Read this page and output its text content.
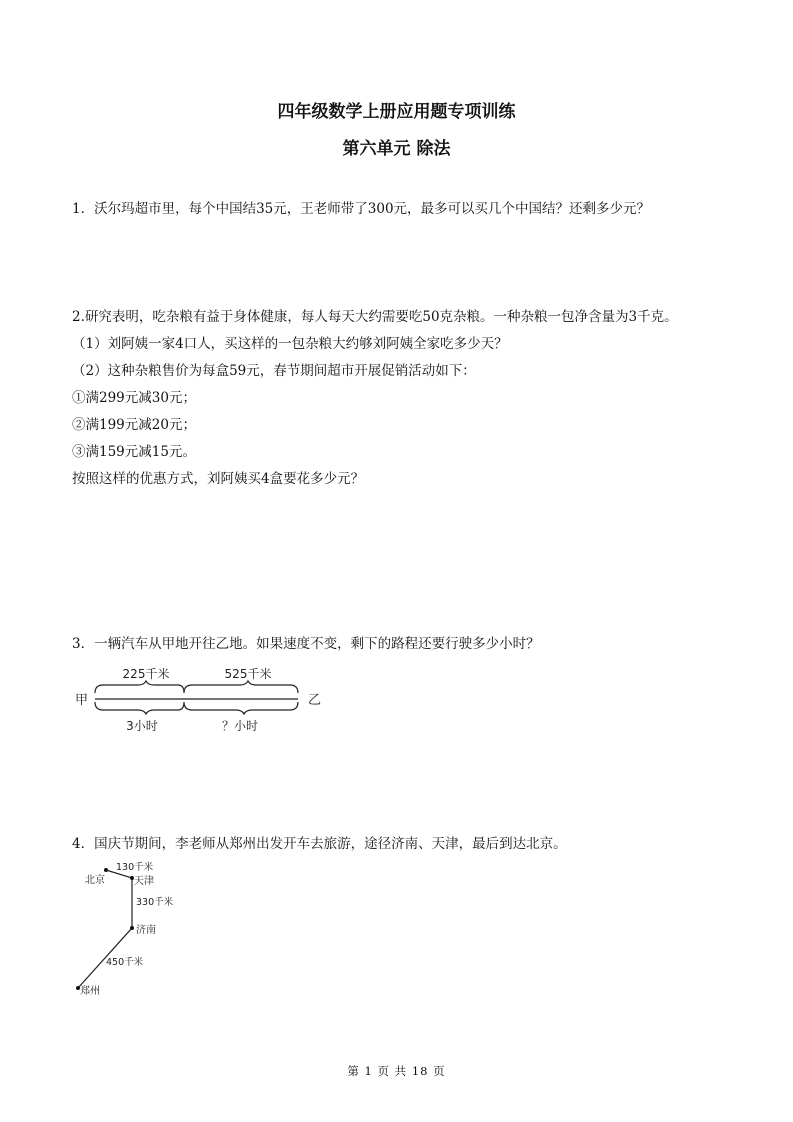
四年级数学上册应用题专项训练
第六单元 除法
1．沃尔玛超市里，每个中国结35元，王老师带了300元，最多可以买几个中国结？还剩多少元？
2.研究表明，吃杂粮有益于身体健康，每人每天大约需要吃50克杂粮。一种杂粮一包净含量为3千克。
（1）刘阿姨一家4口人，买这样的一包杂粮大约够刘阿姨全家吃多少天？
（2）这种杂粮售价为每盒59元，春节期间超市开展促销活动如下：
①满299元减30元；
②满199元减20元；
③满159元减15元。
按照这样的优惠方式，刘阿姨买4盒要花多少元？
3．一辆汽车从甲地开往乙地。如果速度不变，剩下的路程还要行驶多少小时？
225千米	525千米
甲	乙
3小时	？小时
4．国庆节期间，李老师从郑州出发开车去旅游，途径济南、天津，最后到达北京。
北京	天津
济南
郑州
130千米
330千米
450千米
第 1 页 共 18 页
